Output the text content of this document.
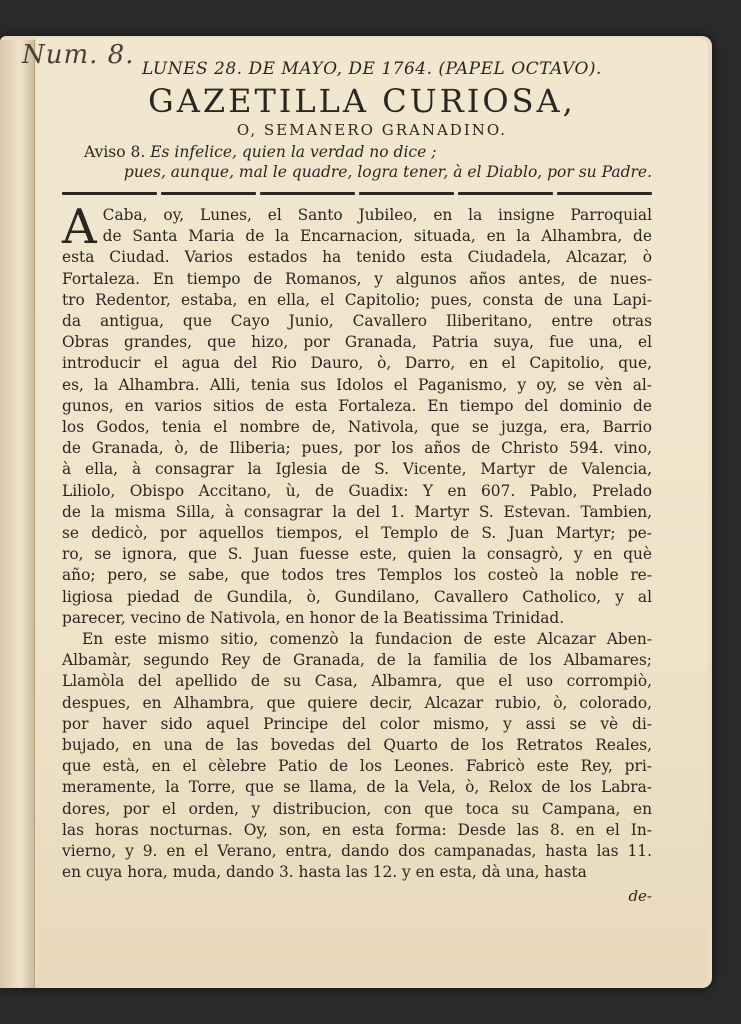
Num. 8. LUNES 28. DE MAYO, DE 1764. (PAPEL OCTAVO).
GAZETILLA CURIOSA,
O, SEMANERO GRANADINO.
Aviso 8. Es infelice, quien la verdad no dice ;
pues, aunque, mal le quadre, logra tener, à el Diablo, por su Padre.
A Caba, oy, Lunes, el Santo Jubileo, en la insigne Parroquial
de Santa Maria de la Encarnacion, situada, en la Alhambra, de
esta Ciudad. Varios estados ha tenido esta Ciudadela, Alcazar, ò
Fortaleza. En tiempo de Romanos, y algunos años antes, de nues-
tro Redentor, estaba, en ella, el Capitolio; pues, consta de una Lapi-
da antigua, que Cayo Junio, Cavallero Iliberitano, entre otras
Obras grandes, que hizo, por Granada, Patria suya, fue una, el
introducir el agua del Rio Dauro, ò, Darro, en el Capitolio, que,
es, la Alhambra. Alli, tenia sus Idolos el Paganismo, y oy, se vèn al-
gunos, en varios sitios de esta Fortaleza. En tiempo del dominio de
los Godos, tenia el nombre de, Nativola, que se juzga, era, Barrio
de Granada, ò, de Iliberia; pues, por los años de Christo 594. vino,
à ella, à consagrar la Iglesia de S. Vicente, Martyr de Valencia,
Liliolo, Obispo Accitano, ù, de Guadix: Y en 607. Pablo, Prelado
de la misma Silla, à consagrar la del 1. Martyr S. Estevan. Tambien,
se dedicò, por aquellos tiempos, el Templo de S. Juan Martyr; pe-
ro, se ignora, que S. Juan fuesse este, quien la consagrò, y en què
año; pero, se sabe, que todos tres Templos los costeò la noble re-
ligiosa piedad de Gundila, ò, Gundilano, Cavallero Catholico, y al
parecer, vecino de Nativola, en honor de la Beatissima Trinidad.
En este mismo sitio, comenzò la fundacion de este Alcazar Aben-
Albamàr, segundo Rey de Granada, de la familia de los Albamares;
Llamòla del apellido de su Casa, Albamra, que el uso corrompiò,
despues, en Alhambra, que quiere decir, Alcazar rubio, ò, colorado,
por haver sido aquel Principe del color mismo, y assi se vè di-
bujado, en una de las bovedas del Quarto de los Retratos Reales,
que està, en el cèlebre Patio de los Leones. Fabricò este Rey, pri-
meramente, la Torre, que se llama, de la Vela, ò, Relox de los Labra-
dores, por el orden, y distribucion, con que toca su Campana, en
las horas nocturnas. Oy, son, en esta forma: Desde las 8. en el In-
vierno, y 9. en el Verano, entra, dando dos campanadas, hasta las 11.
en cuya hora, muda, dando 3. hasta las 12. y en esta, dà una, hasta
de-
